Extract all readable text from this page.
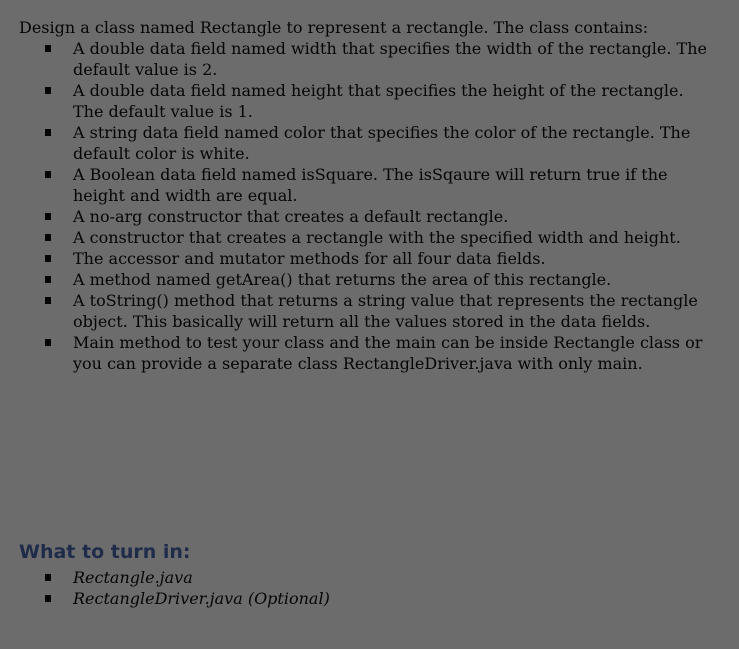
Design a class named Rectangle to represent a rectangle. The class contains:
A double data field named width that specifies the width of the rectangle. The
default value is 2.
A double data field named height that specifies the height of the rectangle.
The default value is 1.
A string data field named color that specifies the color of the rectangle. The
default color is white.
A Boolean data field named isSquare. The isSqaure will return true if the
height and width are equal.
A no-arg constructor that creates a default rectangle.
A constructor that creates a rectangle with the specified width and height.
The accessor and mutator methods for all four data fields.
A method named getArea() that returns the area of this rectangle.
A toString() method that returns a string value that represents the rectangle
object. This basically will return all the values stored in the data fields.
Main method to test your class and the main can be inside Rectangle class or
you can provide a separate class RectangleDriver.java with only main.
What to turn in:
Rectangle.java
RectangleDriver.java (Optional)
